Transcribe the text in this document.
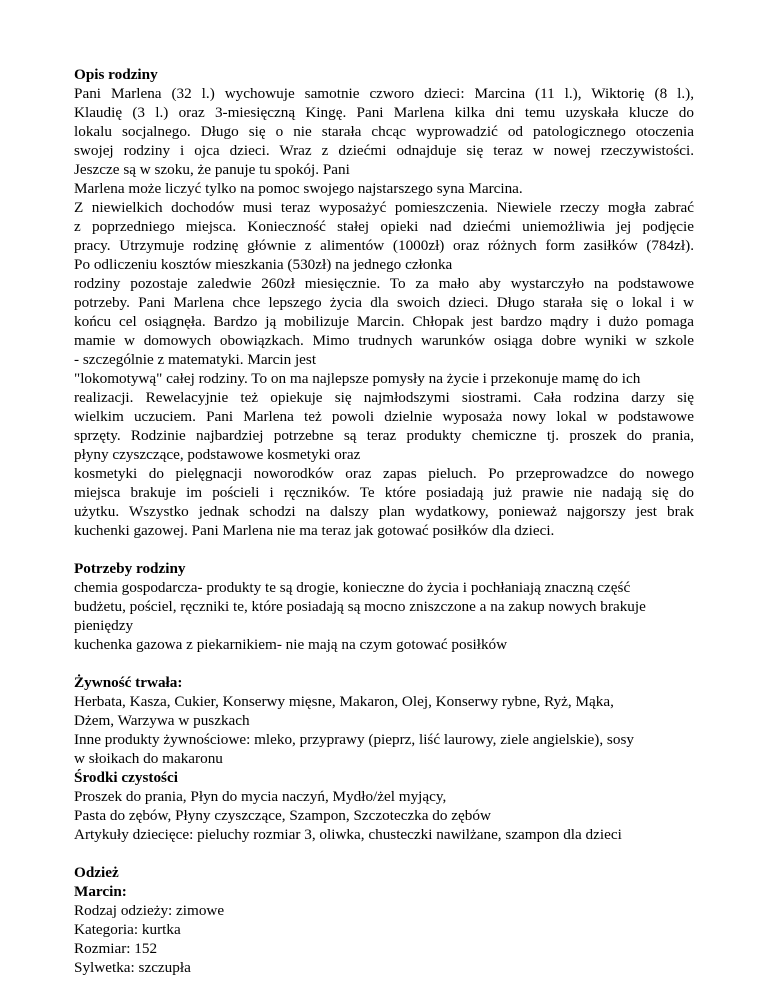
Opis rodziny
Pani Marlena (32 l.) wychowuje samotnie czworo dzieci: Marcina (11 l.), Wiktorię (8 l.),
Klaudię (3 l.) oraz 3-miesięczną Kingę. Pani Marlena kilka dni temu uzyskała klucze do
lokalu socjalnego. Długo się o nie starała chcąc wyprowadzić od patologicznego otoczenia
swojej rodziny i ojca dzieci. Wraz z dziećmi odnajduje się teraz w nowej rzeczywistości.
Jeszcze są w szoku, że panuje tu spokój. Pani
Marlena może liczyć tylko na pomoc swojego najstarszego syna Marcina.
Z niewielkich dochodów musi teraz wyposażyć pomieszczenia. Niewiele rzeczy mogła zabrać
z poprzedniego miejsca. Konieczność stałej opieki nad dziećmi uniemożliwia jej podjęcie
pracy. Utrzymuje rodzinę głównie z alimentów (1000zł) oraz różnych form zasiłków (784zł).
Po odliczeniu kosztów mieszkania (530zł) na jednego członka
rodziny pozostaje zaledwie 260zł miesięcznie. To za mało aby wystarczyło na podstawowe
potrzeby. Pani Marlena chce lepszego życia dla swoich dzieci. Długo starała się o lokal i w
końcu cel osiągnęła. Bardzo ją mobilizuje Marcin. Chłopak jest bardzo mądry i dużo pomaga
mamie w domowych obowiązkach. Mimo trudnych warunków osiąga dobre wyniki w szkole
- szczególnie z matematyki. Marcin jest
"lokomotywą" całej rodziny. To on ma najlepsze pomysły na życie i przekonuje mamę do ich
realizacji. Rewelacyjnie też opiekuje się najmłodszymi siostrami. Cała rodzina darzy się
wielkim uczuciem. Pani Marlena też powoli dzielnie wyposaża nowy lokal w podstawowe
sprzęty. Rodzinie najbardziej potrzebne są teraz produkty chemiczne tj. proszek do prania,
płyny czyszczące, podstawowe kosmetyki oraz
kosmetyki do pielęgnacji noworodków oraz zapas pieluch. Po przeprowadzce do nowego
miejsca brakuje im pościeli i ręczników. Te które posiadają już prawie nie nadają się do
użytku. Wszystko jednak schodzi na dalszy plan wydatkowy, ponieważ najgorszy jest brak
kuchenki gazowej. Pani Marlena nie ma teraz jak gotować posiłków dla dzieci.
Potrzeby rodziny
chemia gospodarcza- produkty te są drogie, konieczne do życia i pochłaniają znaczną część
budżetu, pościel, ręczniki te, które posiadają są mocno zniszczone a na zakup nowych brakuje
pieniędzy
kuchenka gazowa z piekarnikiem- nie mają na czym gotować posiłków
Żywność trwała:
Herbata, Kasza, Cukier, Konserwy mięsne, Makaron, Olej, Konserwy rybne, Ryż, Mąka,
Dżem, Warzywa w puszkach
Inne produkty żywnościowe: mleko, przyprawy (pieprz, liść laurowy, ziele angielskie), sosy
w słoikach do makaronu
Środki czystości
Proszek do prania, Płyn do mycia naczyń, Mydło/żel myjący,
Pasta do zębów, Płyny czyszczące, Szampon, Szczoteczka do zębów
Artykuły dziecięce: pieluchy rozmiar 3, oliwka, chusteczki nawilżane, szampon dla dzieci
Odzież
Marcin:
Rodzaj odzieży: zimowe
Kategoria: kurtka
Rozmiar: 152
Sylwetka: szczupła
